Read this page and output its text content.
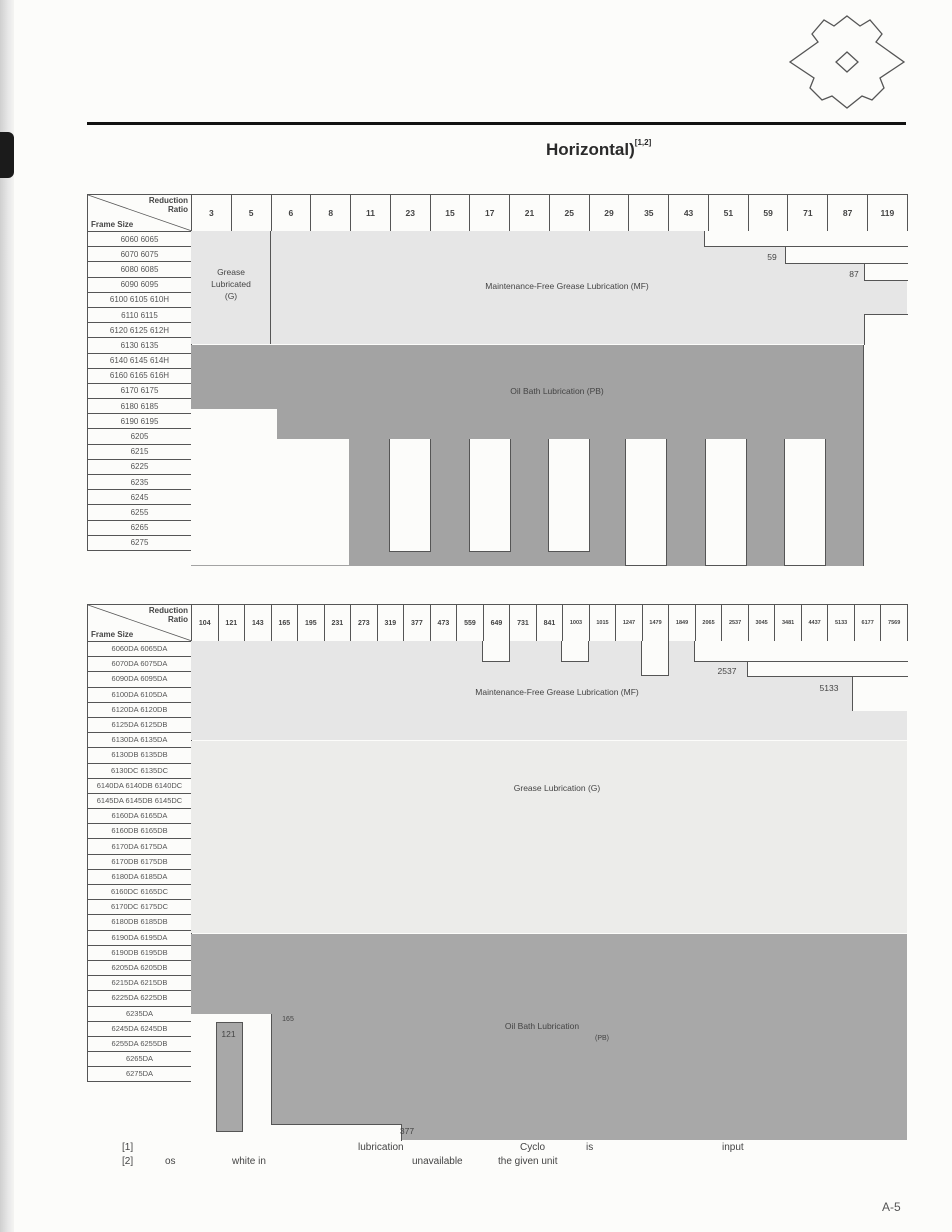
Horizontal)[1,2]
Reduction
Ratio
Frame Size	3	5	6	8	11	23	15	17	21	25	29	35	43	51	59	71	87	119
6060 6065																		
6070 6075																		
6080 6085																		
6090 6095																		
6100 6105 610H																		
6110 6115																		
6120 6125 612H																		
6130 6135																		
6140 6145 614H																		
6160 6165 616H																		
6170 6175																		
6180 6185																		
6190 6195																		
6205																		
6215																		
6225																		
6235																		
6245																		
6255																		
6265																		
6275																		
Grease
Lubricated
(G)
Maintenance-Free Grease Lubrication (MF)
Oil Bath Lubrication (PB)
59
87
Reduction
Ratio
Frame Size	104	121	143	165	195	231	273	319	377	473	559	649	731	841	1003	1015	1247	1479	1849	2065	2537	3045	3481	4437	5133	6177	7569
6060DA 6065DA																											
6070DA 6075DA																											
6090DA 6095DA																											
6100DA 6105DA																											
6120DA 6120DB																											
6125DA 6125DB																											
6130DA 6135DA																											
6130DB 6135DB																											
6130DC 6135DC																											
6140DA 6140DB 6140DC																											
6145DA 6145DB 6145DC																											
6160DA 6165DA																											
6160DB 6165DB																											
6170DA 6175DA																											
6170DB 6175DB																											
6180DA 6185DA																											
6160DC 6165DC																											
6170DC 6175DC																											
6180DB 6185DB																											
6190DA 6195DA																											
6190DB 6195DB																											
6205DA 6205DB																											
6215DA 6215DB																											
6225DA 6225DB																											
6235DA																											
6245DA 6245DB																											
6255DA 6255DB																											
6265DA																											
6275DA																											
Maintenance-Free Grease Lubrication (MF)
Grease Lubrication (G)
Oil Bath Lubrication
(PB)
2537
5133
165
121
377
[1]	lubrication	Cyclo	is	input
[2]	os	white in	unavailable	the given unit
A-5
